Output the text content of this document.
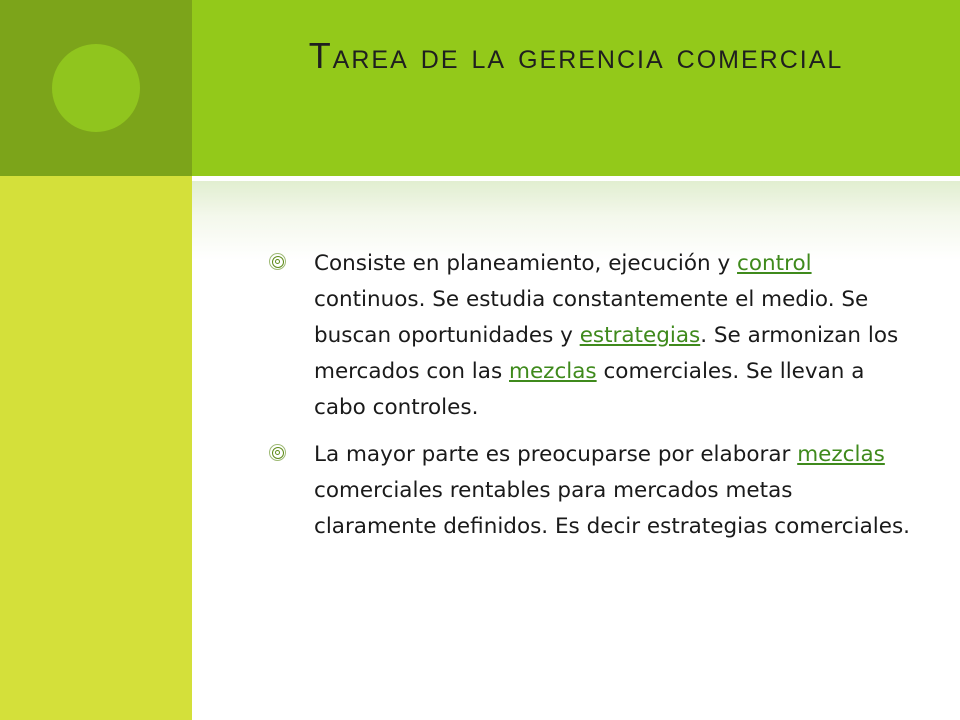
Tarea de la gerencia comercial
Consiste en planeamiento, ejecución y control continuos. Se estudia constantemente el medio. Se buscan oportunidades y estrategias. Se armonizan los mercados con las mezclas comerciales. Se llevan a cabo controles.
La mayor parte es preocuparse por elaborar mezclas comerciales rentables para mercados metas claramente definidos. Es decir estrategias comerciales.
